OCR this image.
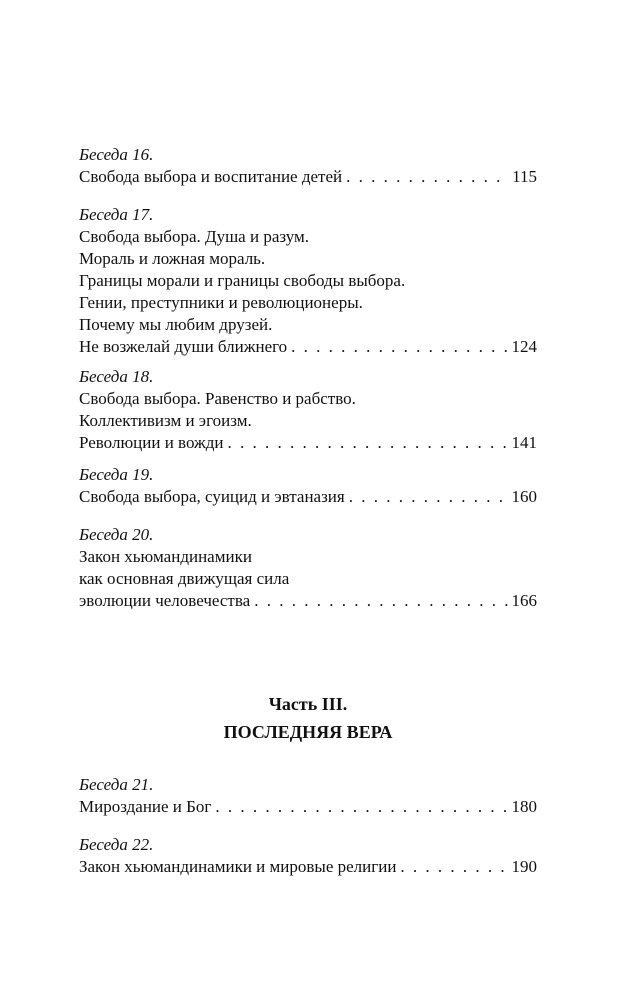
Беседа 16.
Свобода выбора и воспитание детей . . .	115
Беседа 17.
Свобода выбора. Душа и разум.
Мораль и ложная мораль.
Границы морали и границы свободы выбора.
Гении, преступники и революционеры.
Почему мы любим друзей.
Не возжелай души ближнего . . .	124
Беседа 18.
Свобода выбора. Равенство и рабство.
Коллективизм и эгоизм.
Революции и вожди . . .	141
Беседа 19.
Свобода выбора, суицид и эвтаназия . . .	160
Беседа 20.
Закон хьюмандинамики
как основная движущая сила
эволюции человечества . . .	166
Часть III.
ПОСЛЕДНЯЯ ВЕРА
Беседа 21.
Мироздание и Бог . . .	180
Беседа 22.
Закон хьюмандинамики и мировые религии . . .	190
